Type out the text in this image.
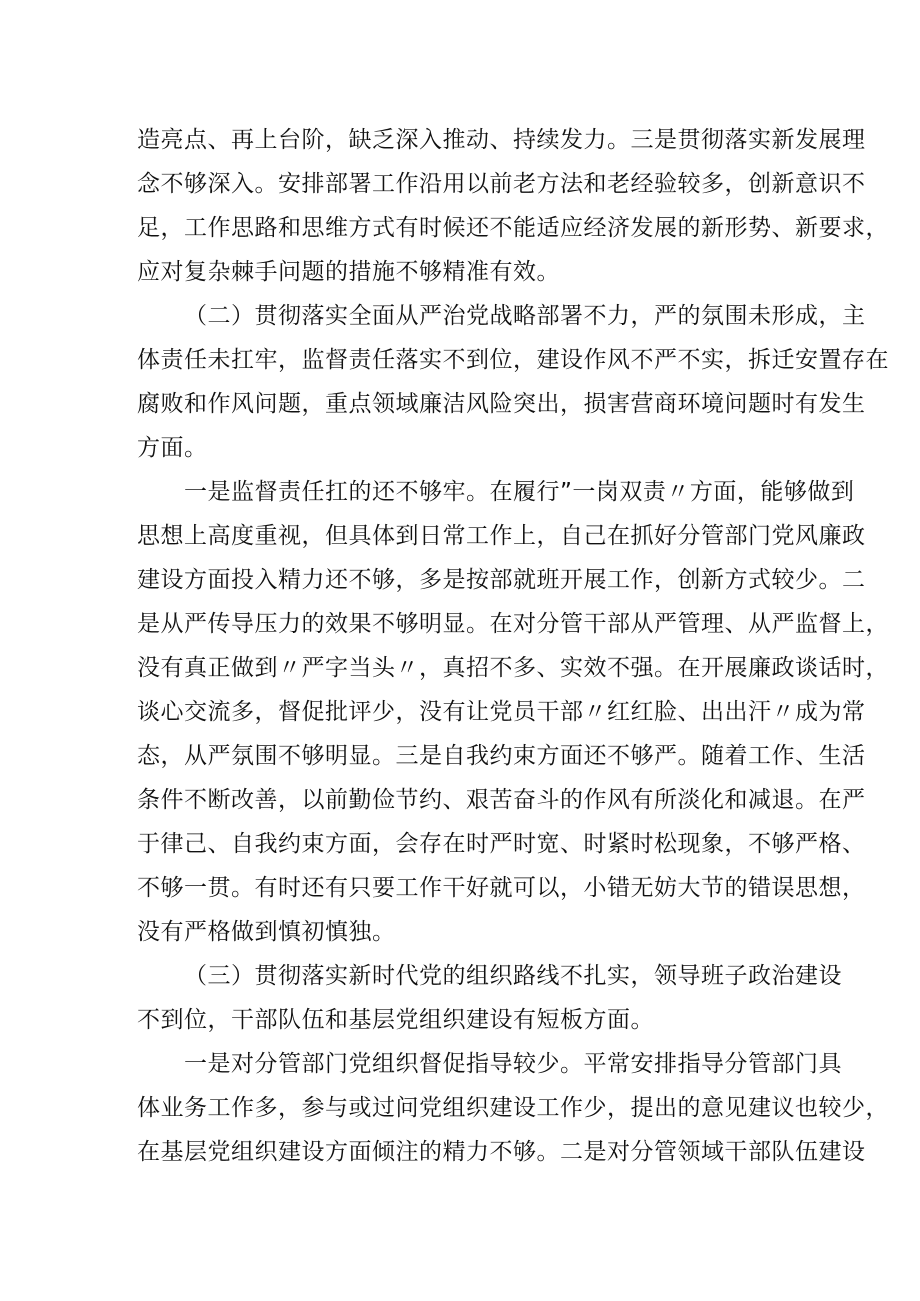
造亮点、再上台阶，缺乏深入推动、持续发力。三是贯彻落实新发展理
念不够深入。安排部署工作沿用以前老方法和老经验较多，创新意识不
足，工作思路和思维方式有时候还不能适应经济发展的新形势、新要求，
应对复杂棘手问题的措施不够精准有效。
（二）贯彻落实全面从严治党战略部署不力，严的氛围未形成，主
体责任未扛牢，监督责任落实不到位，建设作风不严不实，拆迁安置存在
腐败和作风问题，重点领域廉洁风险突出，损害营商环境问题时有发生
方面。
一是监督责任扛的还不够牢。在履行”一岗双责〃方面，能够做到
思想上高度重视，但具体到日常工作上，自己在抓好分管部门党风廉政
建设方面投入精力还不够，多是按部就班开展工作，创新方式较少。二
是从严传导压力的效果不够明显。在对分管干部从严管理、从严监督上，
没有真正做到〃严字当头〃，真招不多、实效不强。在开展廉政谈话时，
谈心交流多，督促批评少，没有让党员干部〃红红脸、出出汗〃成为常
态，从严氛围不够明显。三是自我约束方面还不够严。随着工作、生活
条件不断改善，以前勤俭节约、艰苦奋斗的作风有所淡化和减退。在严
于律己、自我约束方面，会存在时严时宽、时紧时松现象，不够严格、
不够一贯。有时还有只要工作干好就可以，小错无妨大节的错误思想，
没有严格做到慎初慎独。
（三）贯彻落实新时代党的组织路线不扎实，领导班子政治建设
不到位，干部队伍和基层党组织建设有短板方面。
一是对分管部门党组织督促指导较少。平常安排指导分管部门具
体业务工作多，参与或过问党组织建设工作少，提出的意见建议也较少，
在基层党组织建设方面倾注的精力不够。二是对分管领域干部队伍建设
